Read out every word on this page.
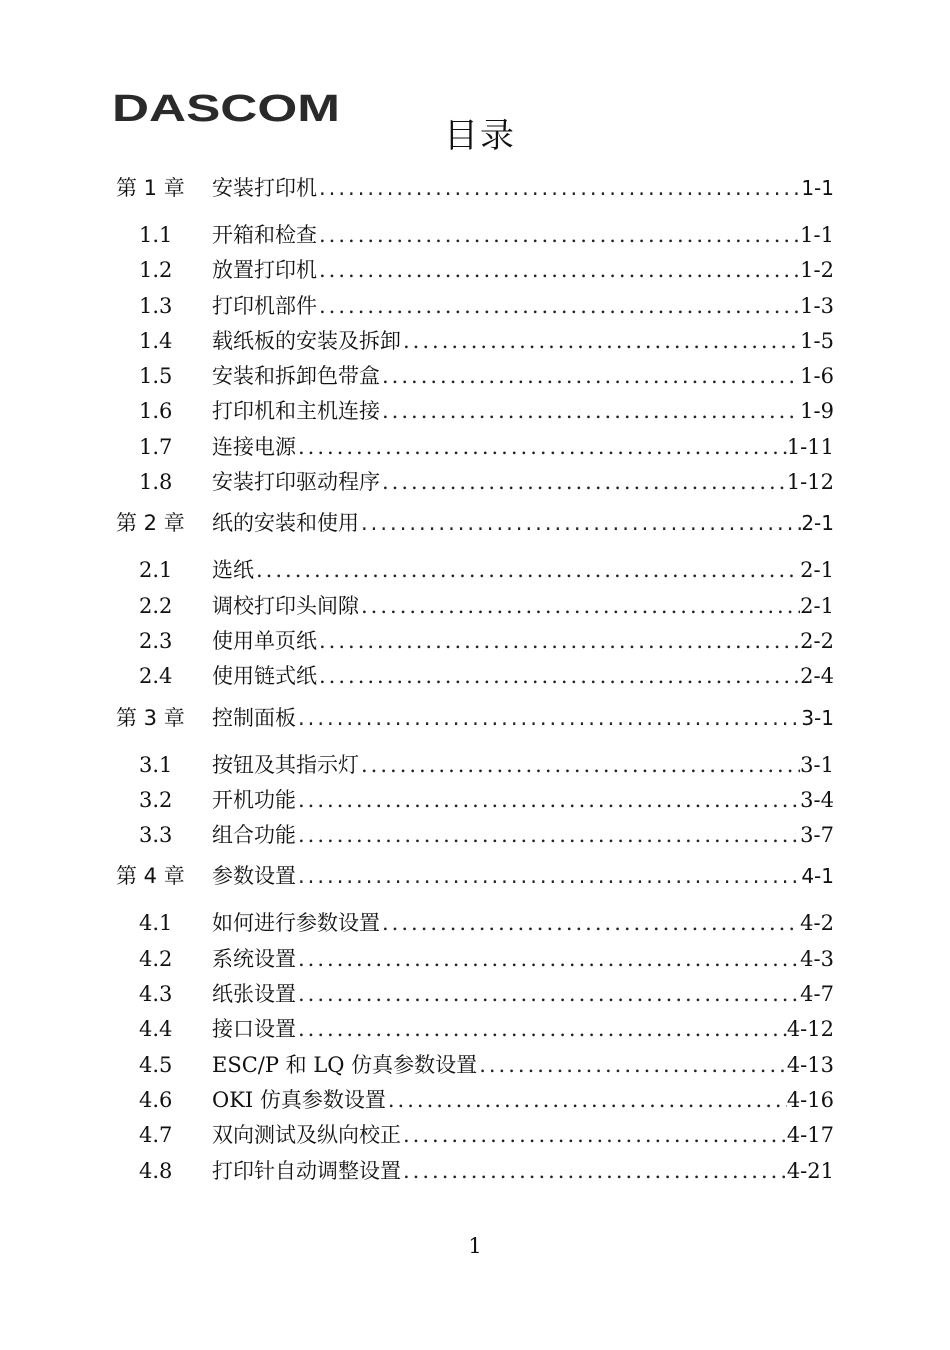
DASCOM
目录
第 1 章	安装打印机 .....	1-1
1.1	开箱和检查 .....	1-1
1.2	放置打印机 .....	1-2
1.3	打印机部件 .....	1-3
1.4	载纸板的安装及拆卸 .....	1-5
1.5	安装和拆卸色带盒 .....	1-6
1.6	打印机和主机连接 .....	1-9
1.7	连接电源 .....	1-11
1.8	安装打印驱动程序 .....	1-12
第 2 章	纸的安装和使用 .....	2-1
2.1	选纸 .....	2-1
2.2	调校打印头间隙 .....	2-1
2.3	使用单页纸 .....	2-2
2.4	使用链式纸 .....	2-4
第 3 章	控制面板 .....	3-1
3.1	按钮及其指示灯 .....	3-1
3.2	开机功能 .....	3-4
3.3	组合功能 .....	3-7
第 4 章	参数设置 .....	4-1
4.1	如何进行参数设置 .....	4-2
4.2	系统设置 .....	4-3
4.3	纸张设置 .....	4-7
4.4	接口设置 .....	4-12
4.5	ESC/P 和 LQ 仿真参数设置 .....	4-13
4.6	OKI 仿真参数设置 .....	4-16
4.7	双向测试及纵向校正 .....	4-17
4.8	打印针自动调整设置 .....	4-21
1
